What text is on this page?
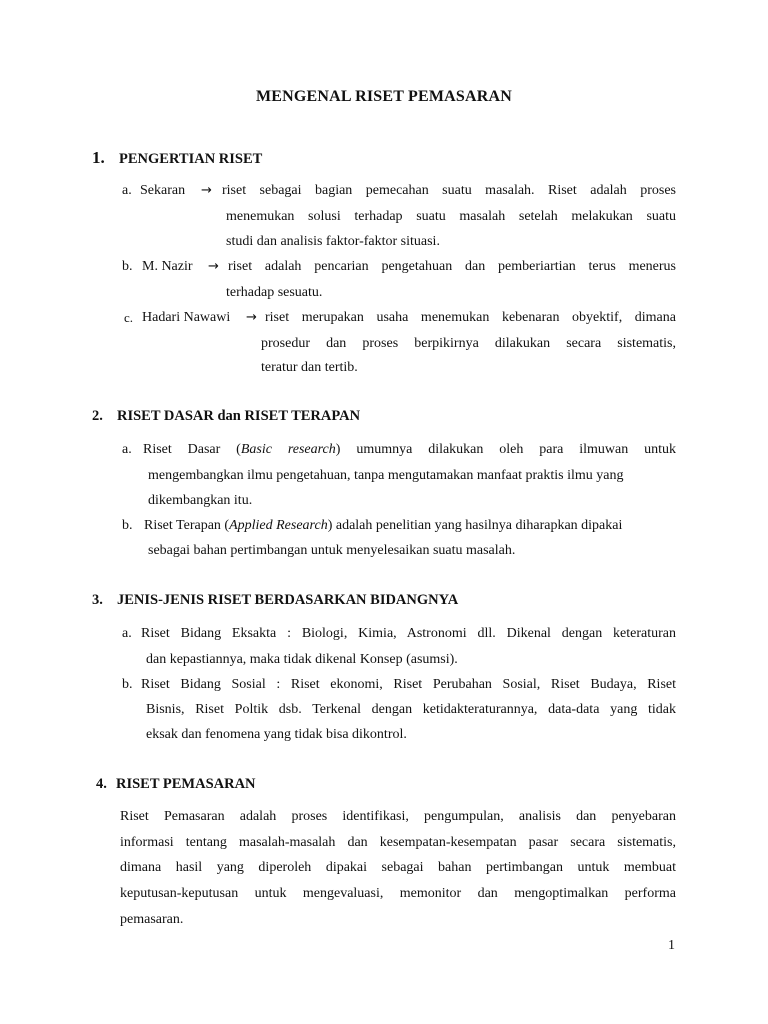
MENGENAL RISET PEMASARAN
1. PENGERTIAN RISET
a. Sekaran → riset sebagai bagian pemecahan suatu masalah. Riset adalah proses
menemukan solusi terhadap suatu masalah setelah melakukan suatu
studi dan analisis faktor-faktor situasi.
b. M. Nazir → riset adalah pencarian pengetahuan dan pemberiartian terus menerus
terhadap sesuatu.
c. Hadari Nawawi → riset merupakan usaha menemukan kebenaran obyektif, dimana
prosedur dan proses berpikirnya dilakukan secara sistematis,
teratur dan tertib.
2. RISET DASAR dan RISET TERAPAN
a. Riset Dasar (Basic research) umumnya dilakukan oleh para ilmuwan untuk
mengembangkan ilmu pengetahuan, tanpa mengutamakan manfaat praktis ilmu yang
dikembangkan itu.
b. Riset Terapan (Applied Research) adalah penelitian yang hasilnya diharapkan dipakai
sebagai bahan pertimbangan untuk menyelesaikan suatu masalah.
3. JENIS-JENIS RISET BERDASARKAN BIDANGNYA
a. Riset Bidang Eksakta : Biologi, Kimia, Astronomi dll. Dikenal dengan keteraturan
dan kepastiannya, maka tidak dikenal Konsep (asumsi).
b. Riset Bidang Sosial : Riset ekonomi, Riset Perubahan Sosial, Riset Budaya, Riset
Bisnis, Riset Poltik dsb. Terkenal dengan ketidakteraturannya, data-data yang tidak
eksak dan fenomena yang tidak bisa dikontrol.
4. RISET PEMASARAN
Riset Pemasaran adalah proses identifikasi, pengumpulan, analisis dan penyebaran
informasi tentang masalah-masalah dan kesempatan-kesempatan pasar secara sistematis,
dimana hasil yang diperoleh dipakai sebagai bahan pertimbangan untuk membuat
keputusan-keputusan untuk mengevaluasi, memonitor dan mengoptimalkan performa
pemasaran.
1
